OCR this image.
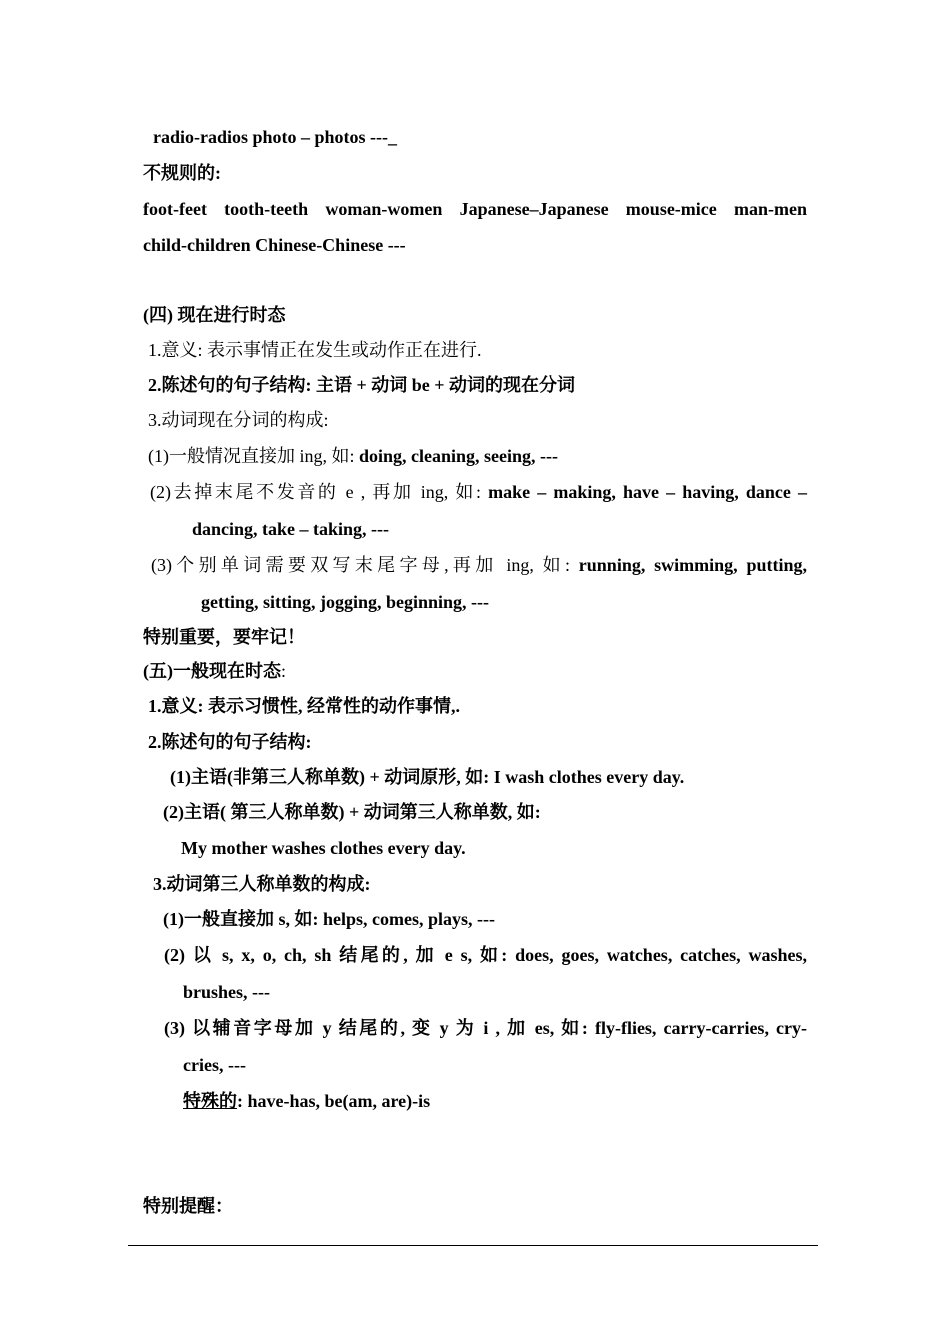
radio-radios photo – photos ---_
不规则的:
foot-feet tooth-teeth woman-women Japanese–Japanese mouse-mice man-men
child-children Chinese-Chinese ---
(四) 现在进行时态
1.意义: 表示事情正在发生或动作正在进行.
2.陈述句的句子结构: 主语 + 动词 be + 动词的现在分词
3.动词现在分词的构成:
(1)一般情况直接加 ing, 如: doing, cleaning, seeing, ---
(2)去掉末尾不发音的 e , 再加 ing, 如: make – making, have – having, dance –
dancing, take – taking, ---
(3)个别单词需要双写末尾字母,再加 ing, 如: running, swimming, putting,
getting, sitting, jogging, beginning, ---
特别重要，要牢记！
(五)一般现在时态:
1.意义: 表示习惯性, 经常性的动作事情,.
2.陈述句的句子结构:
(1)主语(非第三人称单数) + 动词原形, 如: I wash clothes every day.
(2)主语( 第三人称单数) + 动词第三人称单数, 如:
My mother washes clothes every day.
3.动词第三人称单数的构成:
(1)一般直接加 s, 如: helps, comes, plays, ---
(2) 以 s, x, o, ch, sh 结尾的, 加 e s, 如: does, goes, watches, catches, washes,
brushes, ---
(3) 以辅音字母加 y 结尾的, 变 y 为 i , 加 es, 如: fly-flies, carry-carries, cry-
cries, ---
特殊的: have-has, be(am, are)-is
特别提醒：
